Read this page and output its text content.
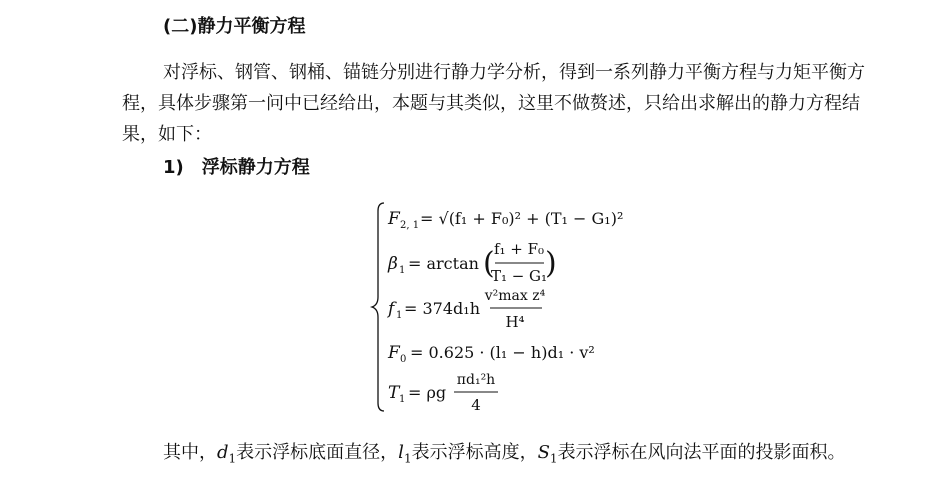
(二)静力平衡方程
对浮标、钢管、钢桶、锚链分别进行静力学分析，得到一系列静力平衡方程与力矩平衡方程，具体步骤第一问中已经给出，本题与其类似，这里不做赘述，只给出求解出的静力方程结果，如下：
1) 浮标静力方程
F 2, 1 = √(f₁ + F₀)² + (T₁ − G₁)²
β 1 = arctan ( f₁ + F₀
T₁ − G₁
)
f 1 = 374d₁h
v²max z⁴
H⁴
F 0 = 0.625 · (l₁ − h)d₁ · v²
T 1 = ρg
πd₁²h
4
其中，$d_1$表示浮标底面直径，$l_1$表示浮标高度，$S_1$表示浮标在风向法平面的投影面积。
